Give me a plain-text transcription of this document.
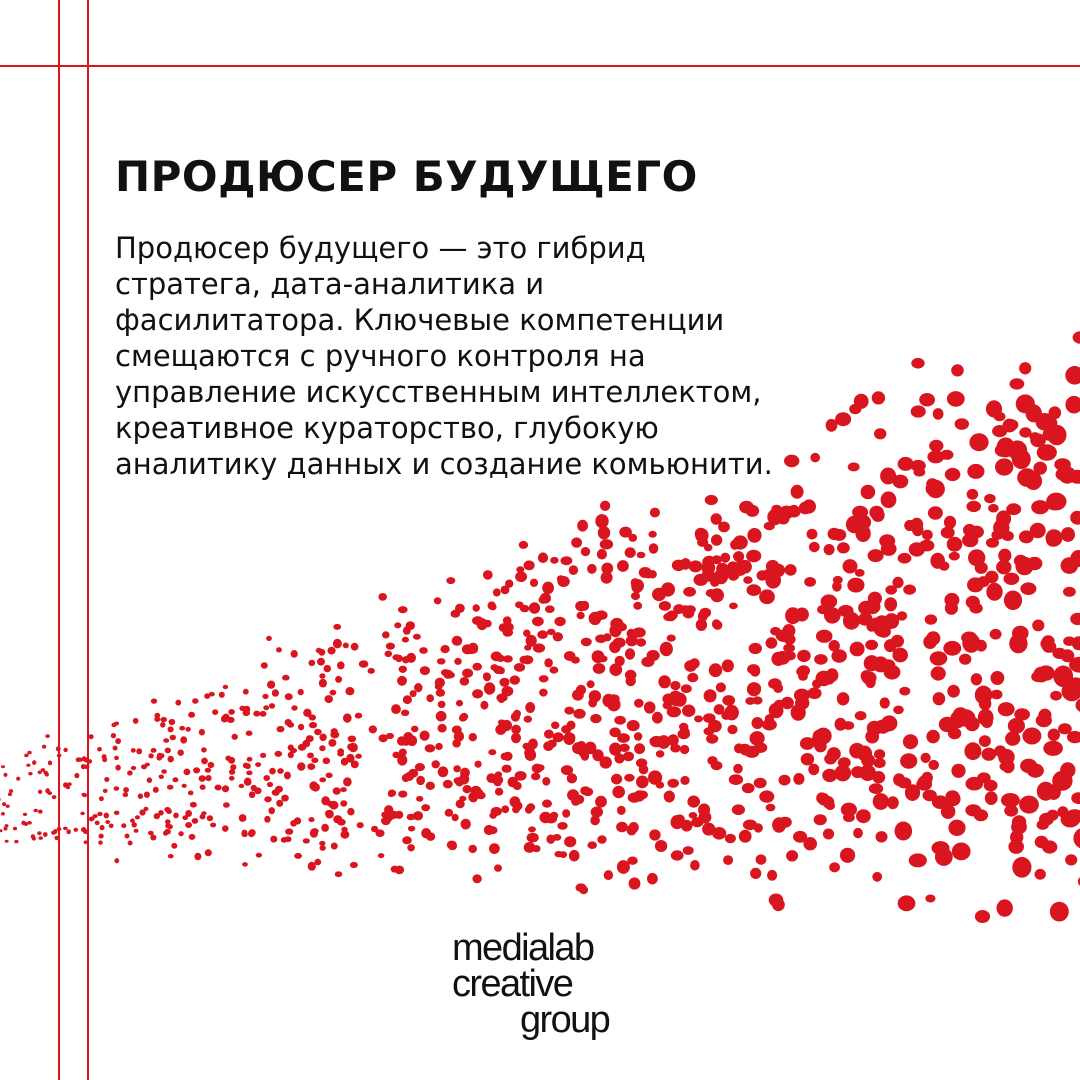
ПРОДЮСЕР БУДУЩЕГО
Продюсер будущего — это гибрид
стратега, дата-аналитика и
фасилитатора. Ключевые компетенции
смещаются с ручного контроля на
управление искусственным интеллектом,
креативное кураторство, глубокую
аналитику данных и создание комьюнити.
medialab
creative
group
